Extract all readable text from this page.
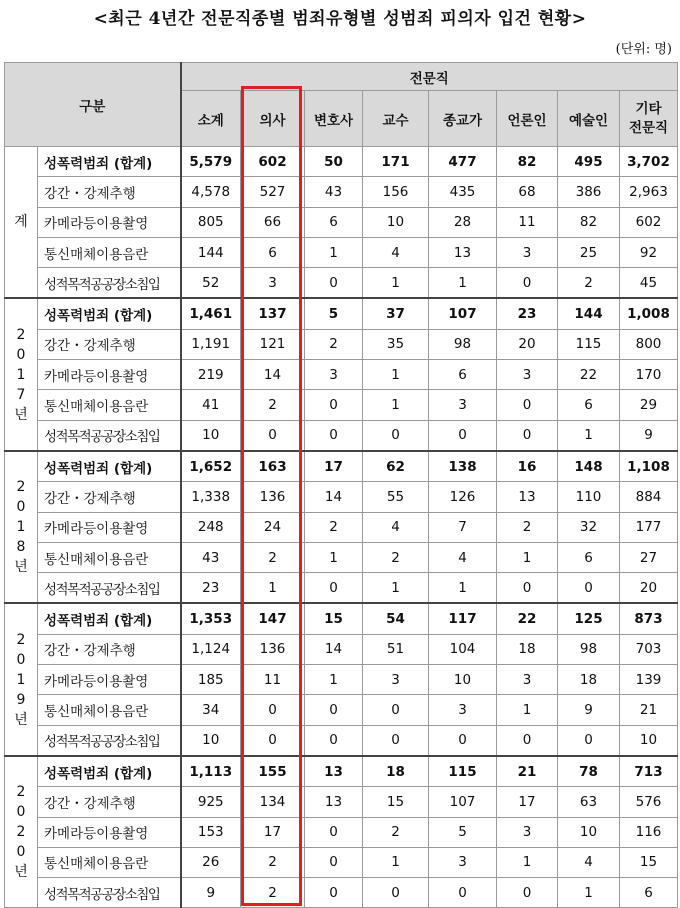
<최근 4년간 전문직종별 범죄유형별 성범죄 피의자 입건 현황>
(단위: 명)
구분		전문직							
		소계	의사	변호사	교수	종교가	언론인	예술인	기타
전문직
계	성폭력범죄 (합계)	5,579	602	50	171	477	82	495	3,702
	강간・강제추행	4,578	527	43	156	435	68	386	2,963
	카메라등이용촬영	805	66	6	10	28	11	82	602
	통신매체이용음란	144	6	1	4	13	3	25	92
	성적목적공공장소침입	52	3	0	1	1	0	2	45
2
0
1
7
년	성폭력범죄 (합계)	1,461	137	5	37	107	23	144	1,008
	강간・강제추행	1,191	121	2	35	98	20	115	800
	카메라등이용촬영	219	14	3	1	6	3	22	170
	통신매체이용음란	41	2	0	1	3	0	6	29
	성적목적공공장소침입	10	0	0	0	0	0	1	9
2
0
1
8
년	성폭력범죄 (합계)	1,652	163	17	62	138	16	148	1,108
	강간・강제추행	1,338	136	14	55	126	13	110	884
	카메라등이용촬영	248	24	2	4	7	2	32	177
	통신매체이용음란	43	2	1	2	4	1	6	27
	성적목적공공장소침입	23	1	0	1	1	0	0	20
2
0
1
9
년	성폭력범죄 (합계)	1,353	147	15	54	117	22	125	873
	강간・강제추행	1,124	136	14	51	104	18	98	703
	카메라등이용촬영	185	11	1	3	10	3	18	139
	통신매체이용음란	34	0	0	0	3	1	9	21
	성적목적공공장소침입	10	0	0	0	0	0	0	10
2
0
2
0
년	성폭력범죄 (합계)	1,113	155	13	18	115	21	78	713
	강간・강제추행	925	134	13	15	107	17	63	576
	카메라등이용촬영	153	17	0	2	5	3	10	116
	통신매체이용음란	26	2	0	1	3	1	4	15
	성적목적공공장소침입	9	2	0	0	0	0	1	6
